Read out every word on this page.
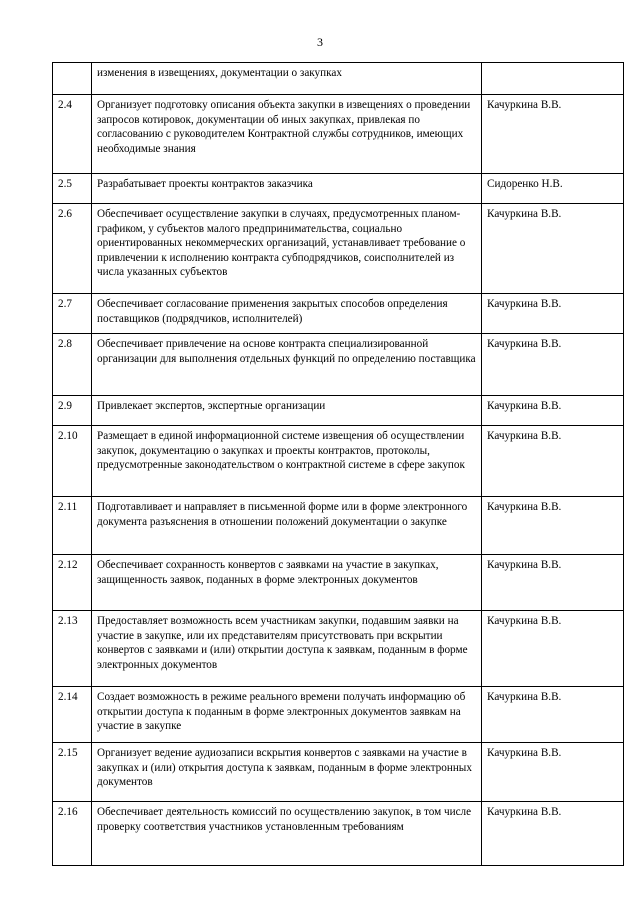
3
	изменения в извещениях, документации о закупках	
2.4	Организует подготовку описания объекта закупки в извещениях о проведении запросов котировок, документации об иных закупках, привлекая по согласованию с руководителем Контрактной службы сотрудников, имеющих необходимые знания	Качуркина В.В.
2.5	Разрабатывает проекты контрактов заказчика	Сидоренко Н.В.
2.6	Обеспечивает осуществление закупки в случаях, предусмотренных планом-графиком, у субъектов малого предпринимательства, социально ориентированных некоммерческих организаций, устанавливает требование о привлечении к исполнению контракта субподрядчиков, соисполнителей из числа указанных субъектов	Качуркина В.В.
2.7	Обеспечивает согласование применения закрытых способов определения поставщиков (подрядчиков, исполнителей)	Качуркина В.В.
2.8	Обеспечивает привлечение на основе контракта специализированной организации для выполнения отдельных функций по определению поставщика	Качуркина В.В.
2.9	Привлекает экспертов, экспертные организации	Качуркина В.В.
2.10	Размещает в единой информационной системе извещения об осуществлении закупок, документацию о закупках и проекты контрактов, протоколы, предусмотренные законодательством о контрактной системе в сфере закупок	Качуркина В.В.
2.11	Подготавливает и направляет в письменной форме или в форме электронного документа разъяснения в отношении положений документации о закупке	Качуркина В.В.
2.12	Обеспечивает сохранность конвертов с заявками на участие в закупках, защищенность заявок, поданных в форме электронных документов	Качуркина В.В.
2.13	Предоставляет возможность всем участникам закупки, подавшим заявки на участие в закупке, или их представителям присутствовать при вскрытии конвертов с заявками и (или) открытии доступа к заявкам, поданным в форме электронных документов	Качуркина В.В.
2.14	Создает возможность в режиме реального времени получать информацию об открытии доступа к поданным в форме электронных документов заявкам на участие в закупке	Качуркина В.В.
2.15	Организует ведение аудиозаписи вскрытия конвертов с заявками на участие в закупках и (или) открытия доступа к заявкам, поданным в форме электронных документов	Качуркина В.В.
2.16	Обеспечивает деятельность комиссий по осуществлению закупок, в том числе проверку соответствия участников установленным требованиям	Качуркина В.В.
